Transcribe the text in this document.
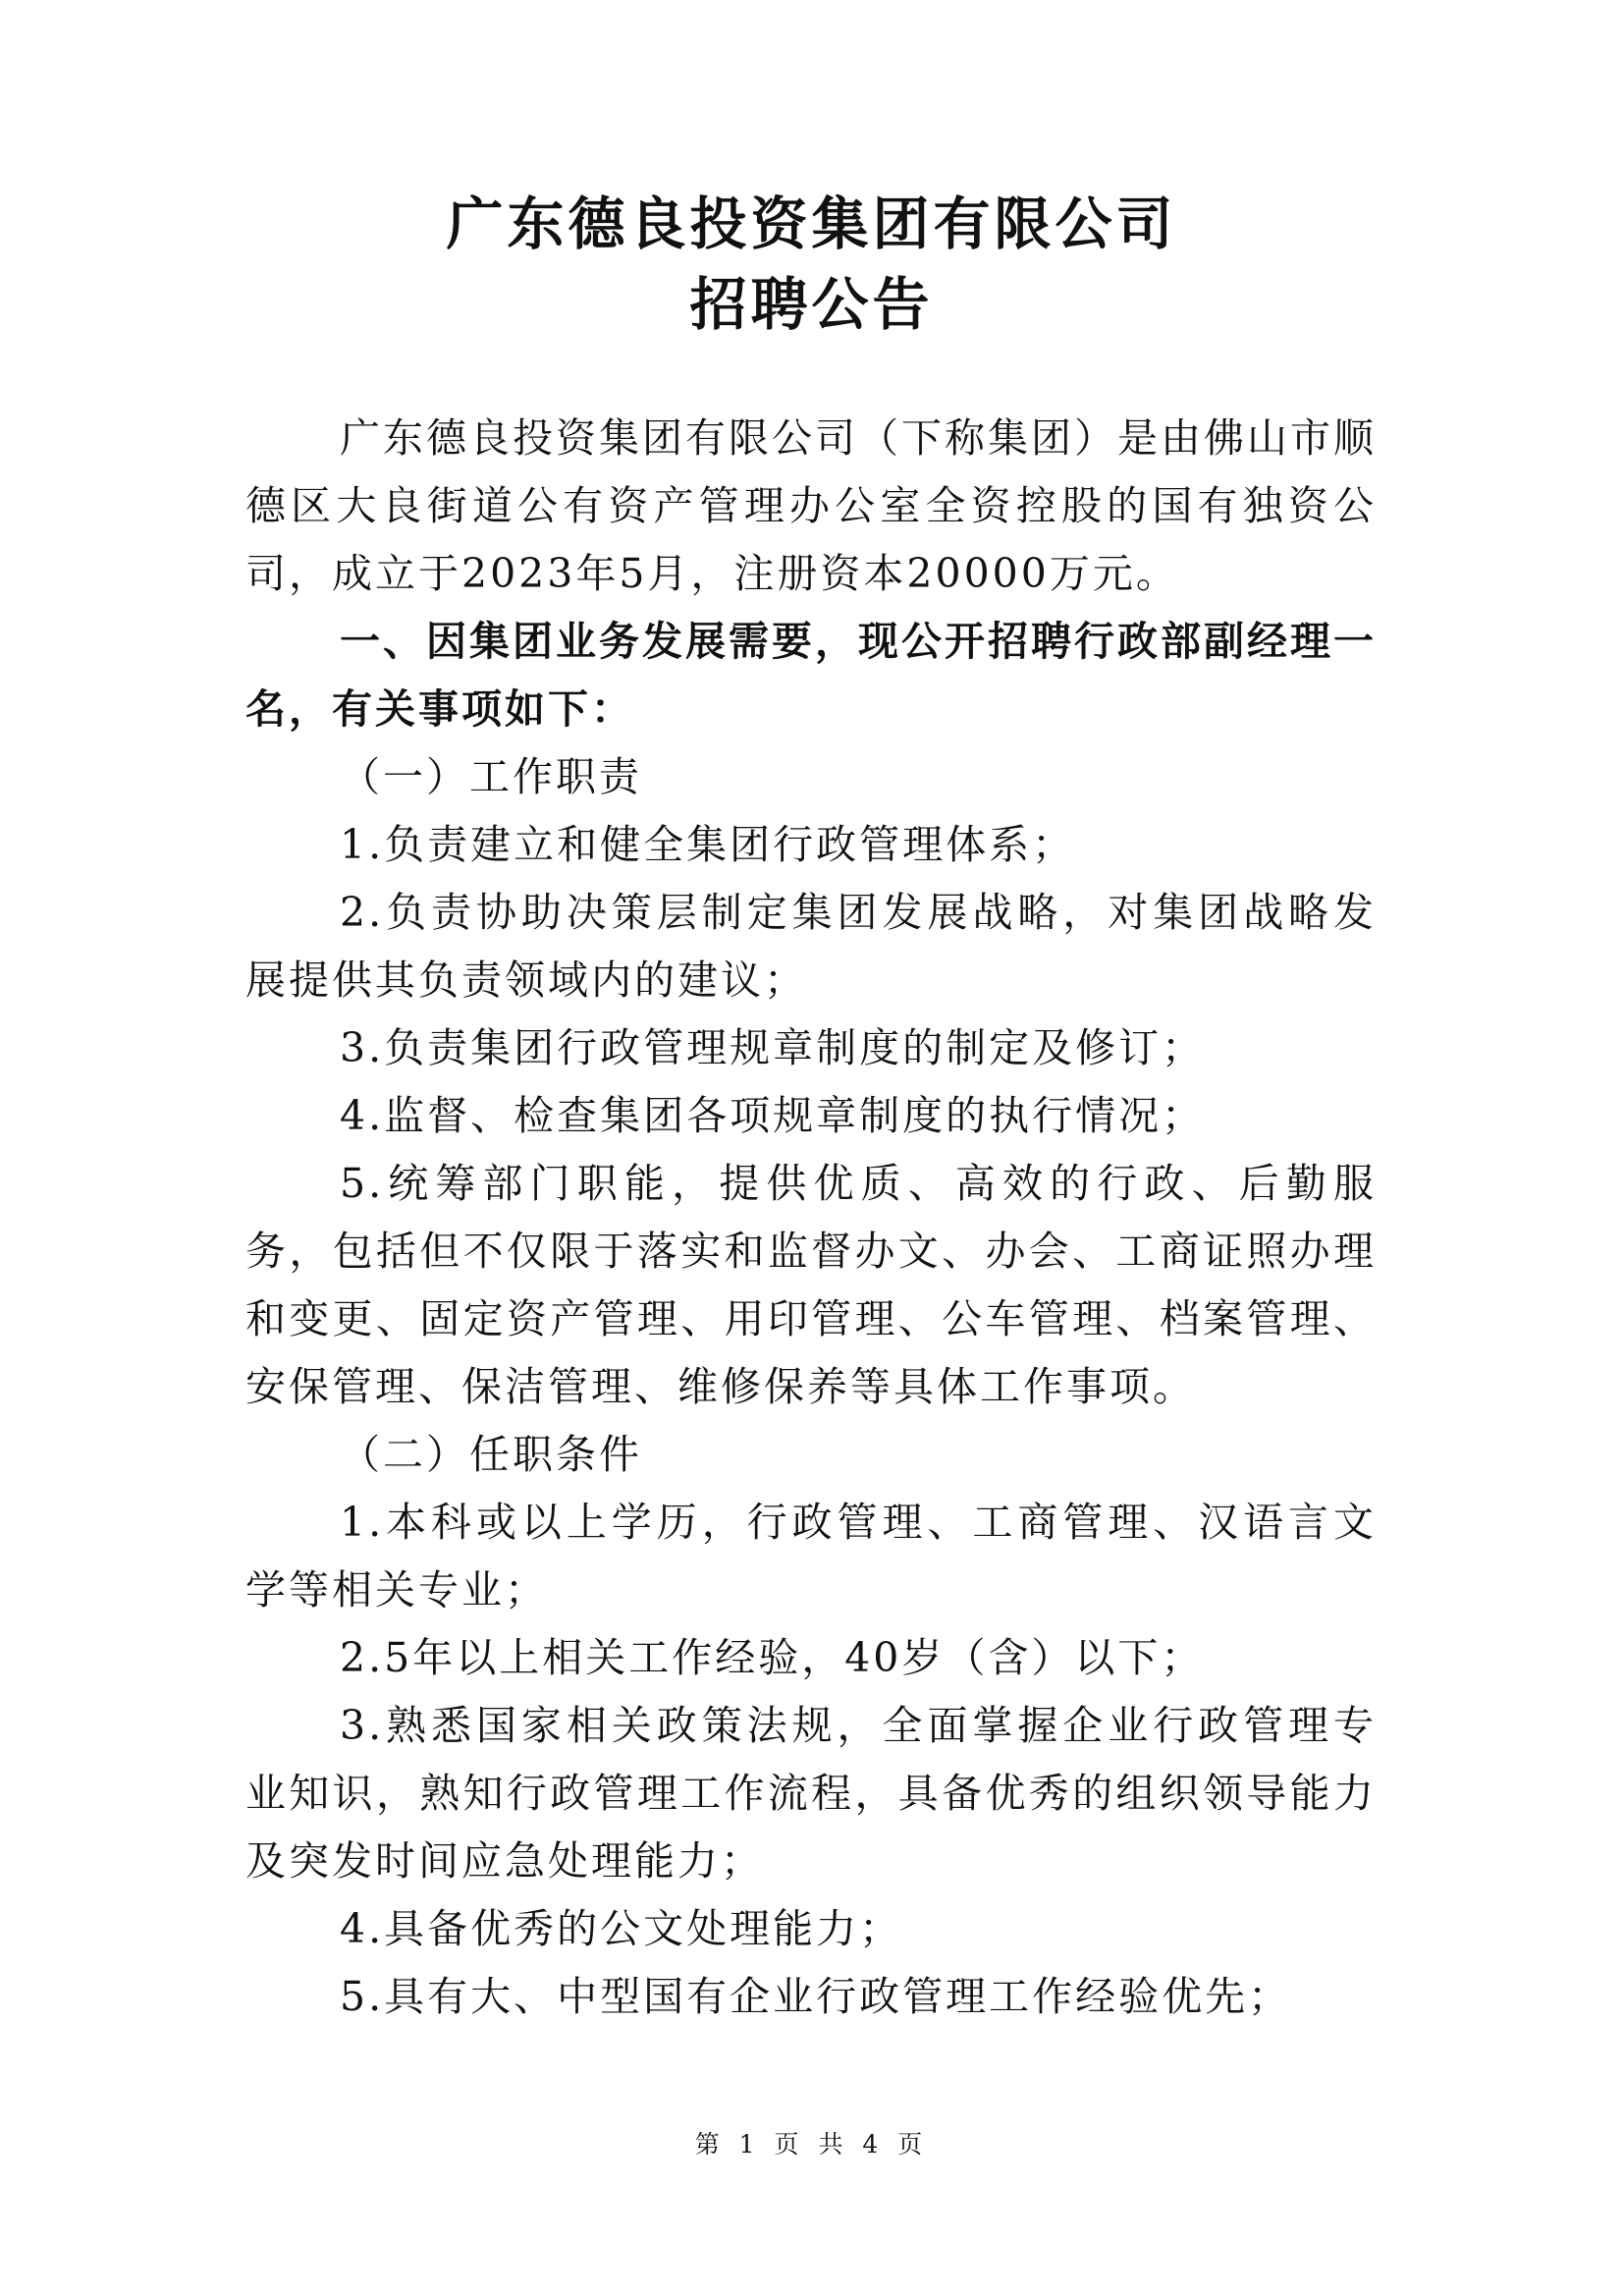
广东德良投资集团有限公司
招聘公告

广东德良投资集团有限公司（下称集团）是由佛山市顺德区大良街道公有资产管理办公室全资控股的国有独资公司，成立于2023年5月，注册资本20000万元。

一、因集团业务发展需要，现公开招聘行政部副经理一名，有关事项如下：

（一）工作职责

1.负责建立和健全集团行政管理体系；

2.负责协助决策层制定集团发展战略，对集团战略发展提供其负责领域内的建议；

3.负责集团行政管理规章制度的制定及修订；

4.监督、检查集团各项规章制度的执行情况；

5.统筹部门职能，提供优质、高效的行政、后勤服务，包括但不仅限于落实和监督办文、办会、工商证照办理和变更、固定资产管理、用印管理、公车管理、档案管理、安保管理、保洁管理、维修保养等具体工作事项。

（二）任职条件

1.本科或以上学历，行政管理、工商管理、汉语言文学等相关专业；

2.5年以上相关工作经验，40岁（含）以下；

3.熟悉国家相关政策法规，全面掌握企业行政管理专业知识，熟知行政管理工作流程，具备优秀的组织领导能力及突发时间应急处理能力；

4.具备优秀的公文处理能力；

5.具有大、中型国有企业行政管理工作经验优先；

第 1 页 共 4 页
